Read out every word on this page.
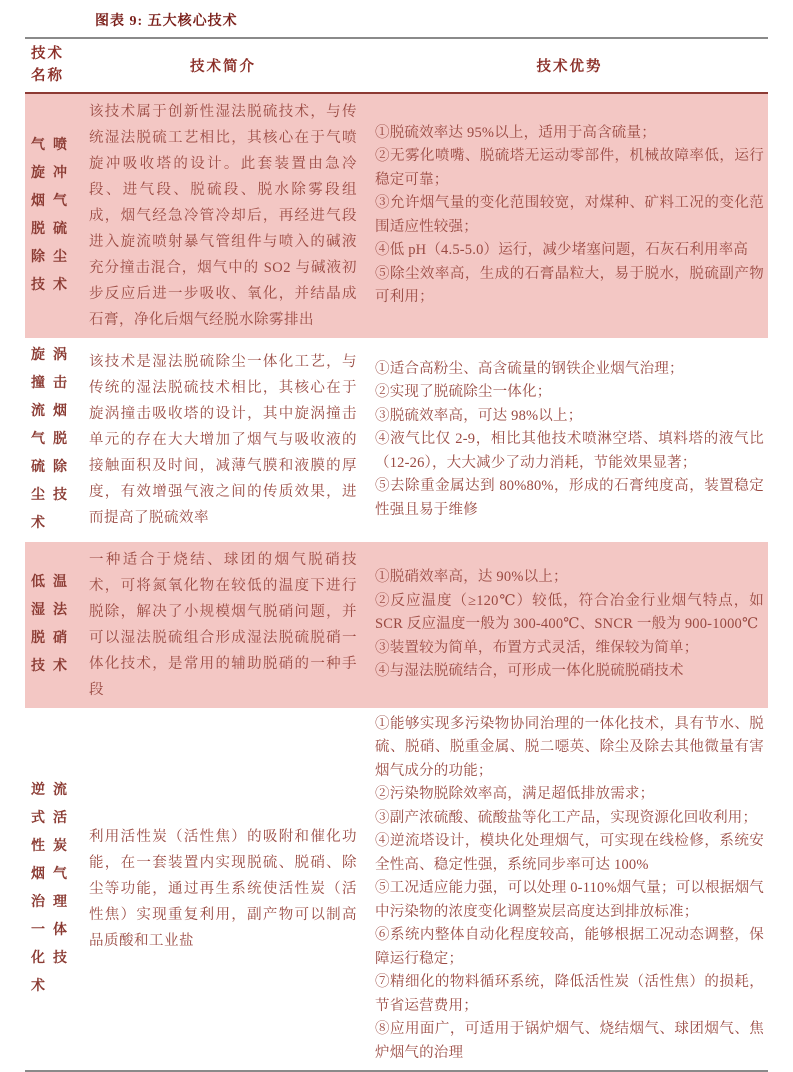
图表 9: 五大核心技术
技术名称
技术简介	技术优势
气喷旋冲烟气脱硫除尘技术
该技术属于创新性湿法脱硫技术，与传统湿法脱硫工艺相比，其核心在于气喷旋冲吸收塔的设计。此套装置由急冷段、进气段、脱硫段、脱水除雾段组成，烟气经急冷管冷却后，再经进气段进入旋流喷射暴气管组件与喷入的碱液充分撞击混合，烟气中的 SO2 与碱液初步反应后进一步吸收、氧化，并结晶成石膏，净化后烟气经脱水除雾排出
①脱硫效率达 95%以上，适用于高含硫量；
②无雾化喷嘴、脱硫塔无运动零部件，机械故障率低，运行稳定可靠；
③允许烟气量的变化范围较宽，对煤种、矿料工况的变化范围适应性较强；
④低 pH（4.5-5.0）运行，减少堵塞问题，石灰石利用率高
⑤除尘效率高，生成的石膏晶粒大，易于脱水，脱硫副产物可利用；
旋涡撞击流烟气脱硫除尘技术
该技术是湿法脱硫除尘一体化工艺，与传统的湿法脱硫技术相比，其核心在于旋涡撞击吸收塔的设计，其中旋涡撞击单元的存在大大增加了烟气与吸收液的接触面积及时间，减薄气膜和液膜的厚度，有效增强气液之间的传质效果，进而提高了脱硫效率
①适合高粉尘、高含硫量的钢铁企业烟气治理；
②实现了脱硫除尘一体化；
③脱硫效率高，可达 98%以上；
④液气比仅 2-9，相比其他技术喷淋空塔、填料塔的液气比（12-26），大大减少了动力消耗，节能效果显著；
⑤去除重金属达到 80%80%，形成的石膏纯度高，装置稳定性强且易于维修
低温湿法脱硝技术
一种适合于烧结、球团的烟气脱硝技术，可将氮氧化物在较低的温度下进行脱除，解决了小规模烟气脱硝问题，并可以湿法脱硫组合形成湿法脱硫脱硝一体化技术，是常用的辅助脱硝的一种手段
①脱硝效率高，达 90%以上；
②反应温度（≥120℃）较低，符合冶金行业烟气特点，如 SCR 反应温度一般为 300-400℃、SNCR 一般为 900-1000℃
③装置较为简单，布置方式灵活，维保较为简单；
④与湿法脱硫结合，可形成一体化脱硫脱硝技术
逆流式活性炭烟气治理一体化技术
利用活性炭（活性焦）的吸附和催化功能，在一套装置内实现脱硫、脱硝、除尘等功能，通过再生系统使活性炭（活性焦）实现重复利用，副产物可以制高品质酸和工业盐
①能够实现多污染物协同治理的一体化技术，具有节水、脱硫、脱硝、脱重金属、脱二噁英、除尘及除去其他微量有害烟气成分的功能；
②污染物脱除效率高，满足超低排放需求；
③副产浓硫酸、硫酸盐等化工产品，实现资源化回收利用；
④逆流塔设计，模块化处理烟气，可实现在线检修，系统安全性高、稳定性强，系统同步率可达 100%
⑤工况适应能力强，可以处理 0-110%烟气量；可以根据烟气中污染物的浓度变化调整炭层高度达到排放标准；
⑥系统内整体自动化程度较高，能够根据工况动态调整，保障运行稳定；
⑦精细化的物料循环系统，降低活性炭（活性焦）的损耗，节省运营费用；
⑧应用面广，可适用于锅炉烟气、烧结烟气、球团烟气、焦炉烟气的治理
